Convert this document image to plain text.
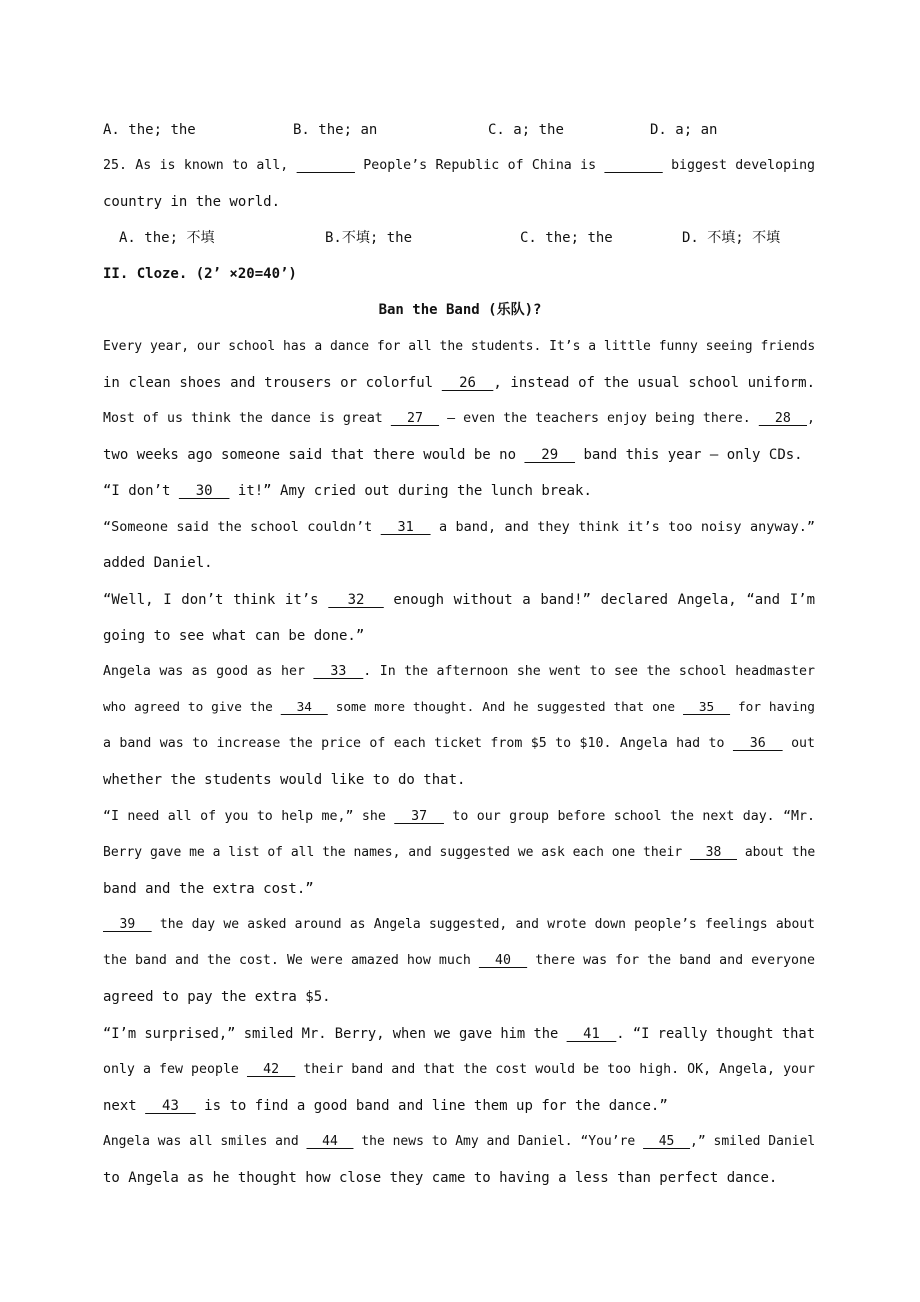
A. the; the	B. the; an	C. a; the	D. a; an
25. As is known to all,	People’s Republic of China is	biggest developing
country in the world.
A. the; 不填	B.不填; the	C. the; the	D. 不填; 不填
II. Cloze. (2’ ×20=40’)
Ban the Band (乐队)?
Every year, our school has a dance for all the students. It’s a little funny seeing friends
in clean shoes and trousers or colorful   26  , instead of the usual school uniform.
Most of us think the dance is great   27   — even the teachers enjoy being there.   28  ,
two weeks ago someone said that there would be no   29   band this year — only CDs.
“I don’t   30   it!” Amy cried out during the lunch break.
“Someone said the school couldn’t   31   a band, and they think it’s too noisy anyway.”
added Daniel.
“Well, I don’t think it’s   32   enough without a band!” declared Angela, “and I’m
going to see what can be done.”
Angela was as good as her   33  . In the afternoon she went to see the school headmaster
who agreed to give the   34   some more thought. And he suggested that one   35   for having
a band was to increase the price of each ticket from $5 to $10. Angela had to   36   out
whether the students would like to do that.
“I need all of you to help me,” she   37   to our group before school the next day. “Mr.
Berry gave me a list of all the names, and suggested we ask each one their   38   about the
band and the extra cost.”
39   the day we asked around as Angela suggested, and wrote down people’s feelings about
the band and the cost. We were amazed how much   40   there was for the band and everyone
agreed to pay the extra $5.
“I’m surprised,” smiled Mr. Berry, when we gave him the   41  . “I really thought that
only a few people   42   their band and that the cost would be too high. OK, Angela, your
next   43   is to find a good band and line them up for the dance.”
Angela was all smiles and   44   the news to Amy and Daniel. “You’re   45  ,” smiled Daniel
to Angela as he thought how close they came to having a less than perfect dance.
